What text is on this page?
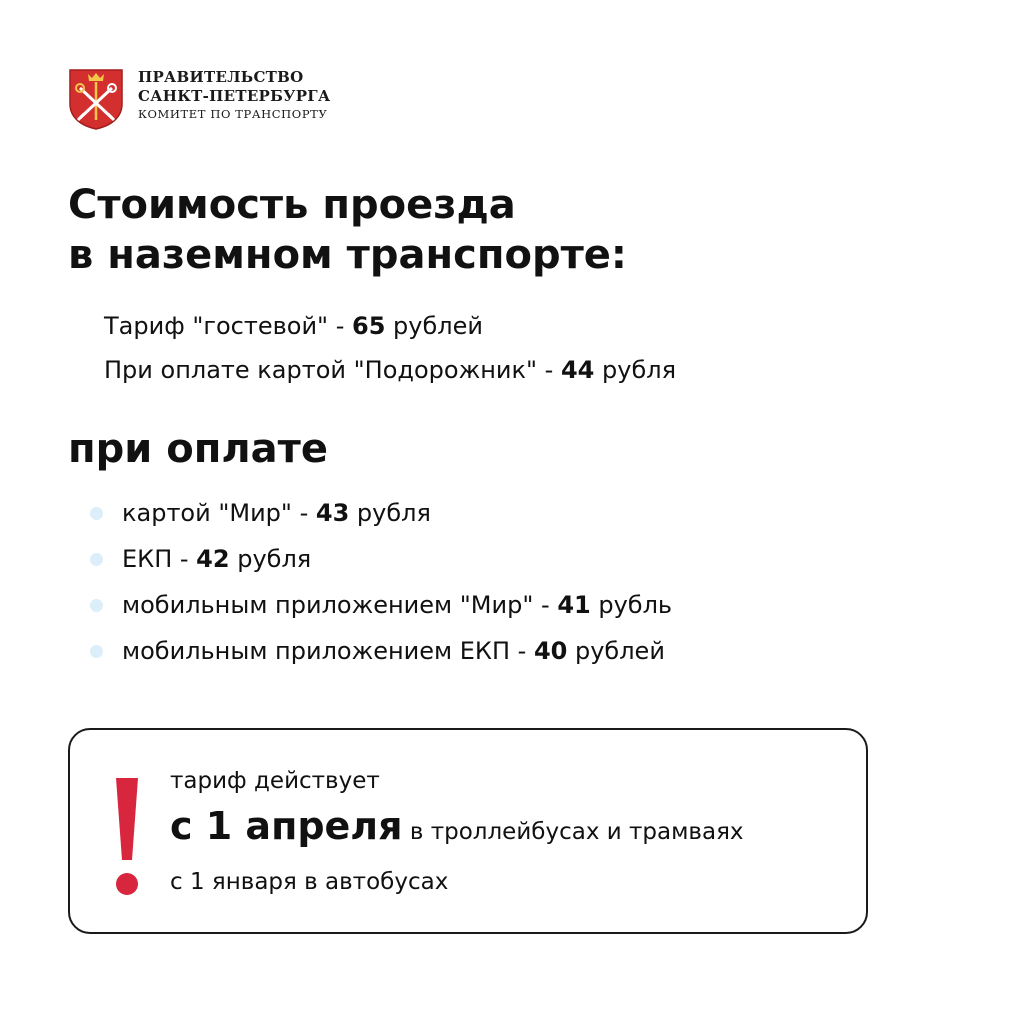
ПРАВИТЕЛЬСТВО
САНКТ-ПЕТЕРБУРГА
КОМИТЕТ ПО ТРАНСПОРТУ
Стоимость проезда
в наземном транспорте:
Тариф "гостевой" - 65 рублей
При оплате картой "Подорожник" - 44 рубля
при оплате
картой "Мир" - 43 рубля
ЕКП - 42 рубля
мобильным приложением "Мир" - 41 рубль
мобильным приложением ЕКП - 40 рублей
тариф действует
с 1 апреля в троллейбусах и трамваях
с 1 января в автобусах
